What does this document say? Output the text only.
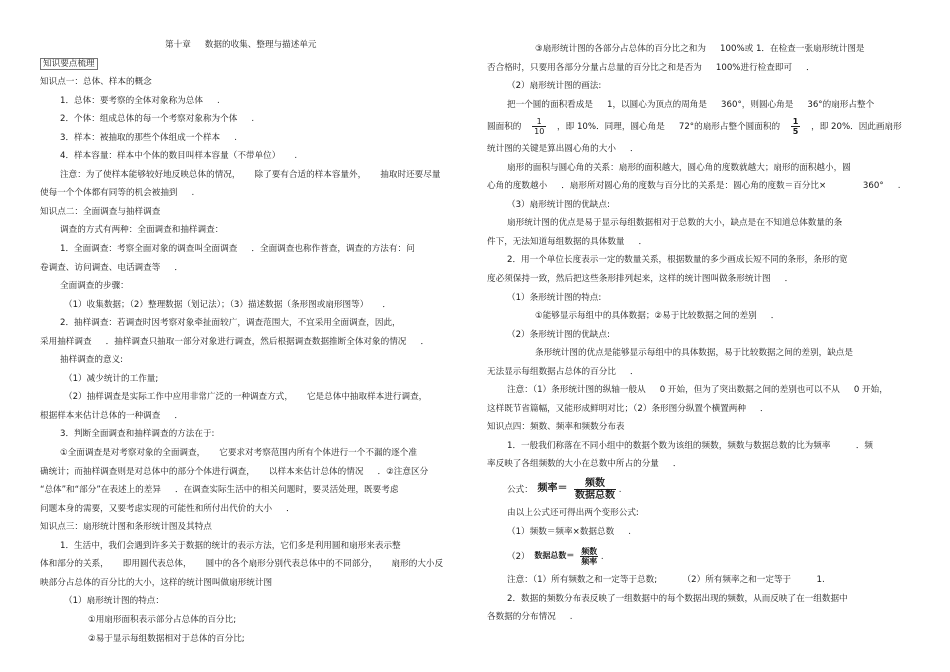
第十章 数据的收集、整理与描述单元
知识要点梳理
知识点一：总体、样本的概念
1．总体：要考察的全体对象称为总体 　 .
2．个体：组成总体的每一个考察对象称为个体 　 .
3．样本：被抽取的那些个体组成一个样本 　 .
4．样本容量：样本中个体的数目叫样本容量（不带单位） 　 .
注意：为了使样本能够较好地反映总体的情况， 　 除了要有合适的样本容量外， 　 抽取时还要尽量
使每一个个体都有同等的机会被抽到 　 .
知识点二：全面调查与抽样调查
调查的方式有两种：全面调查和抽样调查：
1．全面调查：考察全面对象的调查叫全面调查 　 ．全面调查也称作普查，调查的方法有：问
卷调查、访问调查、电话调查等 　 ．
全面调查的步骤：
（1）收集数据；（2）整理数据（划记法）；（3）描述数据（条形图或扇形图等） 　 ．
2．抽样调查：若调查时因考察对象牵扯面较广，调查范围大，不宜采用全面调查，因此，
采用抽样调查 　 ．抽样调查只抽取一部分对象进行调查，然后根据调查数据推断全体对象的情况 　 ．
抽样调查的意义:
（1）减少统计的工作量;
（2）抽样调查是实际工作中应用非常广泛的一种调查方式， 　 它是总体中抽取样本进行调查，
根据样本来估计总体的一种调查 　 ．
3．判断全面调查和抽样调查的方法在于:
①全面调查是对考察对象的全面调查， 　 它要求对考察范围内所有个体进行一个不漏的逐个准
确统计；而抽样调查则是对总体中的部分个体进行调查， 　 以样本来估计总体的情况 　 ．②注意区分
“总体”和“部分”在表述上的差异 　 ．在调查实际生活中的相关问题时，要灵活处理，既要考虑
问题本身的需要，又要考虑实现的可能性和所付出代价的大小 　 ．
知识点三：扇形统计图和条形统计图及其特点
1．生活中，我们会遇到许多关于数据的统计的表示方法，它们多是利用圆和扇形来表示整
体和部分的关系， 　 即用圆代表总体， 　 圆中的各个扇形分别代表总体中的不同部分， 　 扇形的大小反
映部分占总体的百分比的大小，这样的统计图叫做扇形统计图
（1）扇形统计图的特点：
①用扇形面积表示部分占总体的百分比;
②易于显示每组数据相对于总体的百分比;
③扇形统计图的各部分占总体的百分比之和为 　 100%或 1．在检查一张扇形统计图是
否合格时，只要用各部分分量占总量的百分比之和是否为 　 100%进行检查即可 　 ．
（2）扇形统计图的画法:
把一个圆的面积看成是 　 1，以圆心为顶点的周角是 　 360°，则圆心角是 　 36°的扇形占整个
圆面积的 $\frac{1}{10}$ ，即 10%．同理，圆心角是 　 72°的扇形占整个圆面积的 $\frac{1}{5}$ ，即 20%．因此画扇形
统计图的关键是算出圆心角的大小 　 ．
扇形的面积与圆心角的关系：扇形的面积越大，圆心角的度数就越大；扇形的面积越小，圆
心角的度数越小 　 ．扇形所对圆心角的度数与百分比的关系是：圆心角的度数＝百分比× 　 　 　 360° 　 .
（3）扇形统计图的优缺点:
扇形统计图的优点是易于显示每组数据相对于总数的大小，缺点是在不知道总体数量的条
件下，无法知道每组数据的具体数量 　 ．
2．用一个单位长度表示一定的数量关系，根据数量的多少画成长短不同的条形，条形的宽
度必须保持一致，然后把这些条形排列起来，这样的统计图叫做条形统计图 　 ．
（1）条形统计图的特点:
①能够显示每组中的具体数据；②易于比较数据之间的差别 　 ．
（2）条形统计图的优缺点:
条形统计图的优点是能够显示每组中的具体数据，易于比较数据之间的差别，缺点是
无法显示每组数据占总体的百分比 　 ．
注意：（1）条形统计图的纵轴一般从 　 0 开始，但为了突出数据之间的差别也可以不从 　 0 开始，
这样既节省篇幅，又能形成鲜明对比；（2）条形图分纵置个横置两种 　 ．
知识点四：频数、频率和频数分布表
1．一般我们称落在不同小组中的数据个数为该组的频数，频数与数据总数的比为频率 　 　 ．频
率反映了各组频数的大小在总数中所占的分量 　 ．
公式： 频率＝	频数
数据总数 .
由以上公式还可得出两个变形公式:
（1）频数＝频率×数据总数 　 .
（2） 数据总数＝ 频数
频率 .
注意：（1）所有频数之和一定等于总数; 　 　 （2）所有频率之和一定等于 　 　 1.
2．数据的频数分布表反映了一组数据中的每个数据出现的频数，从而反映了在一组数据中
各数据的分布情况 　 .
